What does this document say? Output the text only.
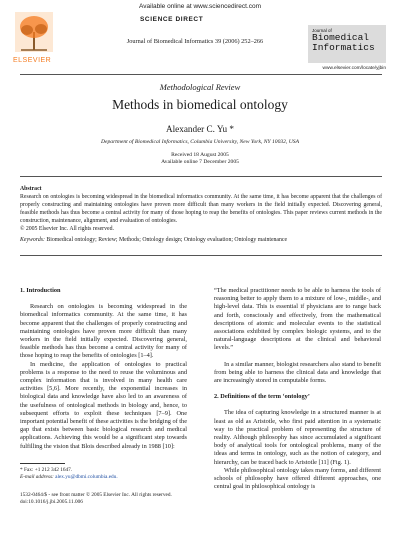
Available online at www.sciencedirect.com
ELSEVIER
SCIENCE DIRECT
Journal of Biomedical Informatics 39 (2006) 252–266
Journal of
Biomedical
Informatics
www.elsevier.com/locate/yjbin
Methodological Review
Methods in biomedical ontology
Alexander C. Yu *
Department of Biomedical Informatics, Columbia University, New York, NY 10032, USA
Received 18 August 2005
Available online 7 December 2005
Abstract
Research on ontologies is becoming widespread in the biomedical informatics community. At the same time, it has become apparent that the challenges of properly constructing and maintaining ontologies have proven more difficult than many workers in the field initially expected. Discovering general, feasible methods has thus become a central activity for many of those hoping to reap the benefits of ontologies. This paper reviews current methods in the construction, maintenance, alignment, and evaluation of ontologies.
© 2005 Elsevier Inc. All rights reserved.
Keywords: Biomedical ontology; Review; Methods; Ontology design; Ontology evaluation; Ontology maintenance
1. Introduction

Research on ontologies is becoming widespread in the biomedical informatics community. At the same time, it has become apparent that the challenges of properly constructing and maintaining ontologies have proven more difficult than many workers in the field initially expected. Discovering general, feasible methods has thus become a central activity for many of those hoping to reap the benefits of ontologies [1–4].

In medicine, the application of ontologies to practical problems is a response to the need to reuse the voluminous and complex information that is involved in many health care activities [5,6]. More recently, the exponential increases in biological data and knowledge have also led to an awareness of the usefulness of ontological methods in biology and, hence, to subsequent efforts to exploit these techniques [7–9]. One important potential benefit of these activities is the bridging of the gap that exists between basic biological research and medical applications. Achieving this would be a significant step towards fulfilling the vision that Blois described already in 1988 [10]:

“The medical practitioner needs to be able to harness the tools of reasoning better to apply them to a mixture of low-, middle-, and high-level data. This is essential if physicians are to range back and forth, consciously and effectively, from the mathematical descriptions of atomic and molecular events to the statistical associations exhibited by complex biologic systems, and to the natural-language descriptions at the clinical and behavioral levels.”

In a similar manner, biologist researchers also stand to benefit from being able to harness the clinical data and knowledge that are increasingly stored in computable forms.

2. Definitions of the term ‘ontology’

The idea of capturing knowledge in a structured manner is at least as old as Aristotle, who first paid attention in a systematic way to the practical problem of representing the structure of reality. Although philosophy has since accumulated a significant body of analytical tools for ontological problems, many of the ideas and terms in ontology, such as the notion of category, and hierarchy, can be traced back to Aristotle [11] (Fig. 1).

While philosophical ontology takes many forms, and different schools of philosophy have offered different approaches, one central goal in philosophical ontology is

* Fax: +1 212 342 1647.
E-mail address: alex.yu@dbmi.columbia.edu.
1532-0464/$ - see front matter © 2005 Elsevier Inc. All rights reserved.
doi:10.1016/j.jbi.2005.11.006
